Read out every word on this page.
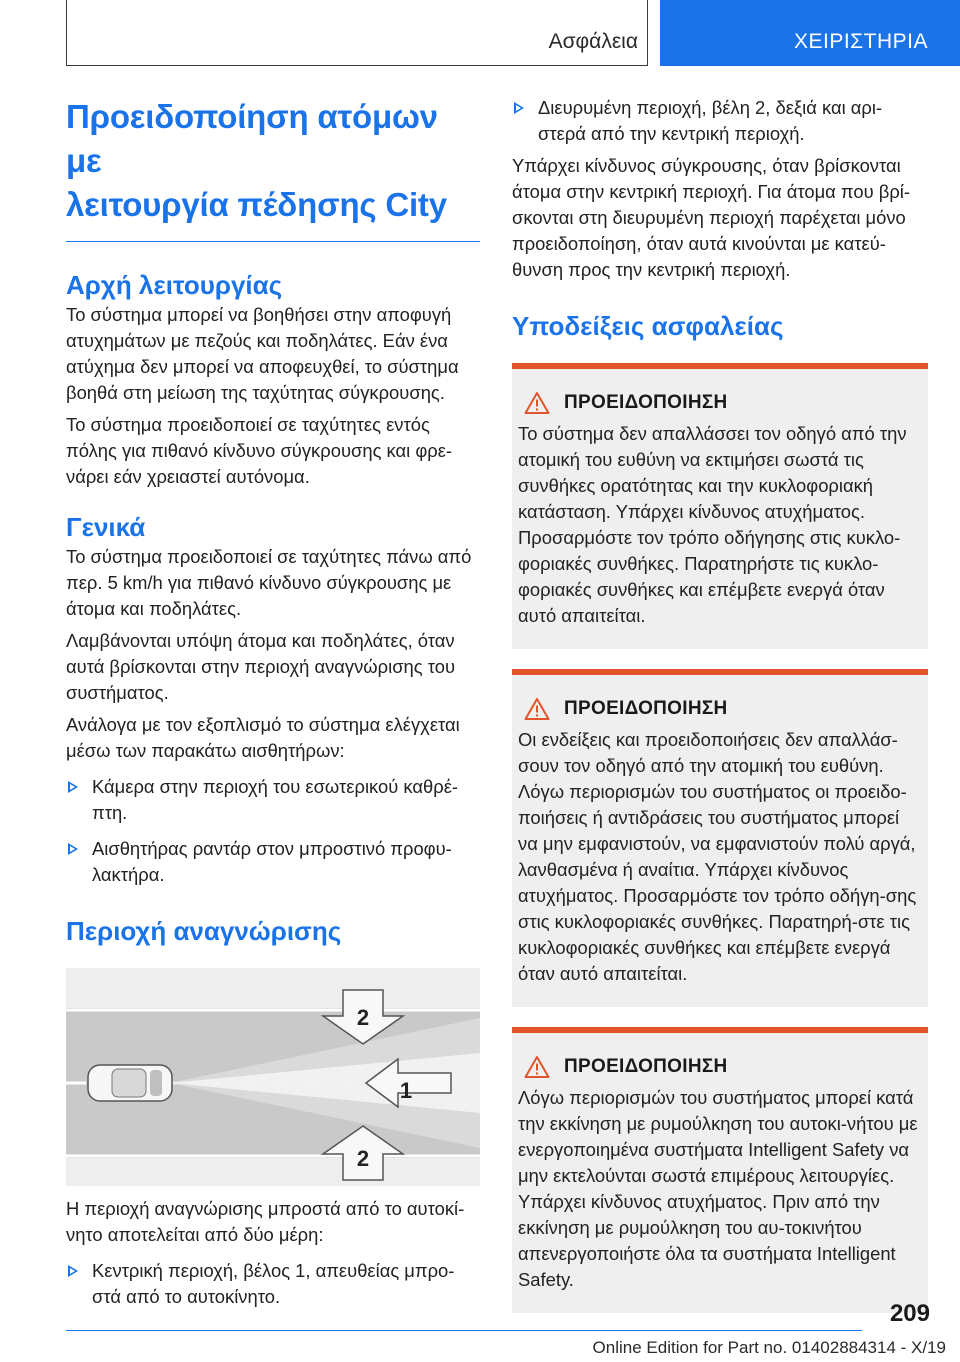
Ασφάλεια	ΧΕΙΡΙΣΤΗΡΙΑ
Προειδοποίηση ατόμων με
λειτουργία πέδησης City
Αρχή λειτουργίας

Το σύστημα μπορεί να βοηθήσει στην αποφυγή ατυχημάτων με πεζούς και ποδηλάτες. Εάν ένα ατύχημα δεν μπορεί να αποφευχθεί, το σύστημα βοηθά στη μείωση της ταχύτητας σύγκρουσης.

Το σύστημα προειδοποιεί σε ταχύτητες εντός πόλης για πιθανό κίνδυνο σύγκρουσης και φρε-νάρει εάν χρειαστεί αυτόνομα.

Γενικά

Το σύστημα προειδοποιεί σε ταχύτητες πάνω από περ. 5 km/h για πιθανό κίνδυνο σύγκρουσης με άτομα και ποδηλάτες.

Λαμβάνονται υπόψη άτομα και ποδηλάτες, όταν αυτά βρίσκονται στην περιοχή αναγνώρισης του συστήματος.

Ανάλογα με τον εξοπλισμό το σύστημα ελέγχεται μέσω των παρακάτω αισθητήρων:

Κάμερα στην περιοχή του εσωτερικού καθρέ-πτη.
Αισθητήρας ραντάρ στον μπροστινό προφυ-λακτήρα.
Περιοχή αναγνώρισης
2
1
2

Η περιοχή αναγνώρισης μπροστά από το αυτοκί-νητο αποτελείται από δύο μέρη:

Κεντρική περιοχή, βέλος 1, απευθείας μπρο-στά από το αυτοκίνητο.
Διευρυμένη περιοχή, βέλη 2, δεξιά και αρι-στερά από την κεντρική περιοχή.

Υπάρχει κίνδυνος σύγκρουσης, όταν βρίσκονται άτομα στην κεντρική περιοχή. Για άτομα που βρί-σκονται στη διευρυμένη περιοχή παρέχεται μόνο προειδοποίηση, όταν αυτά κινούνται με κατεύ-θυνση προς την κεντρική περιοχή.

Υποδείξεις ασφαλείας
ΠΡΟΕΙΔΟΠΟΙΗΣΗ

Το σύστημα δεν απαλλάσσει τον οδηγό από την ατομική του ευθύνη να εκτιμήσει σωστά τις συνθήκες ορατότητας και την κυκλοφοριακή κατάσταση. Υπάρχει κίνδυνος ατυχήματος. Προσαρμόστε τον τρόπο οδήγησης στις κυκλο-φοριακές συνθήκες. Παρατηρήστε τις κυκλο-φοριακές συνθήκες και επέμβετε ενεργά όταν αυτό απαιτείται.

ΠΡΟΕΙΔΟΠΟΙΗΣΗ

Οι ενδείξεις και προειδοποιήσεις δεν απαλλάσ-σουν τον οδηγό από την ατομική του ευθύνη. Λόγω περιορισμών του συστήματος οι προειδο-ποιήσεις ή αντιδράσεις του συστήματος μπορεί να μην εμφανιστούν, να εμφανιστούν πολύ αργά, λανθασμένα ή αναίτια. Υπάρχει κίνδυνος ατυχήματος. Προσαρμόστε τον τρόπο οδήγη-σης στις κυκλοφοριακές συνθήκες. Παρατηρή-στε τις κυκλοφοριακές συνθήκες και επέμβετε ενεργά όταν αυτό απαιτείται.

ΠΡΟΕΙΔΟΠΟΙΗΣΗ

Λόγω περιορισμών του συστήματος μπορεί κατά την εκκίνηση με ρυμούλκηση του αυτοκι-νήτου με ενεργοποιημένα συστήματα Intelligent Safety να μην εκτελούνται σωστά επιμέρους λειτουργίες. Υπάρχει κίνδυνος ατυχήματος. Πριν από την εκκίνηση με ρυμούλκηση του αυ-τοκινήτου απενεργοποιήστε όλα τα συστήματα Intelligent Safety.

209
Online Edition for Part no. 01402884314 - X/19
